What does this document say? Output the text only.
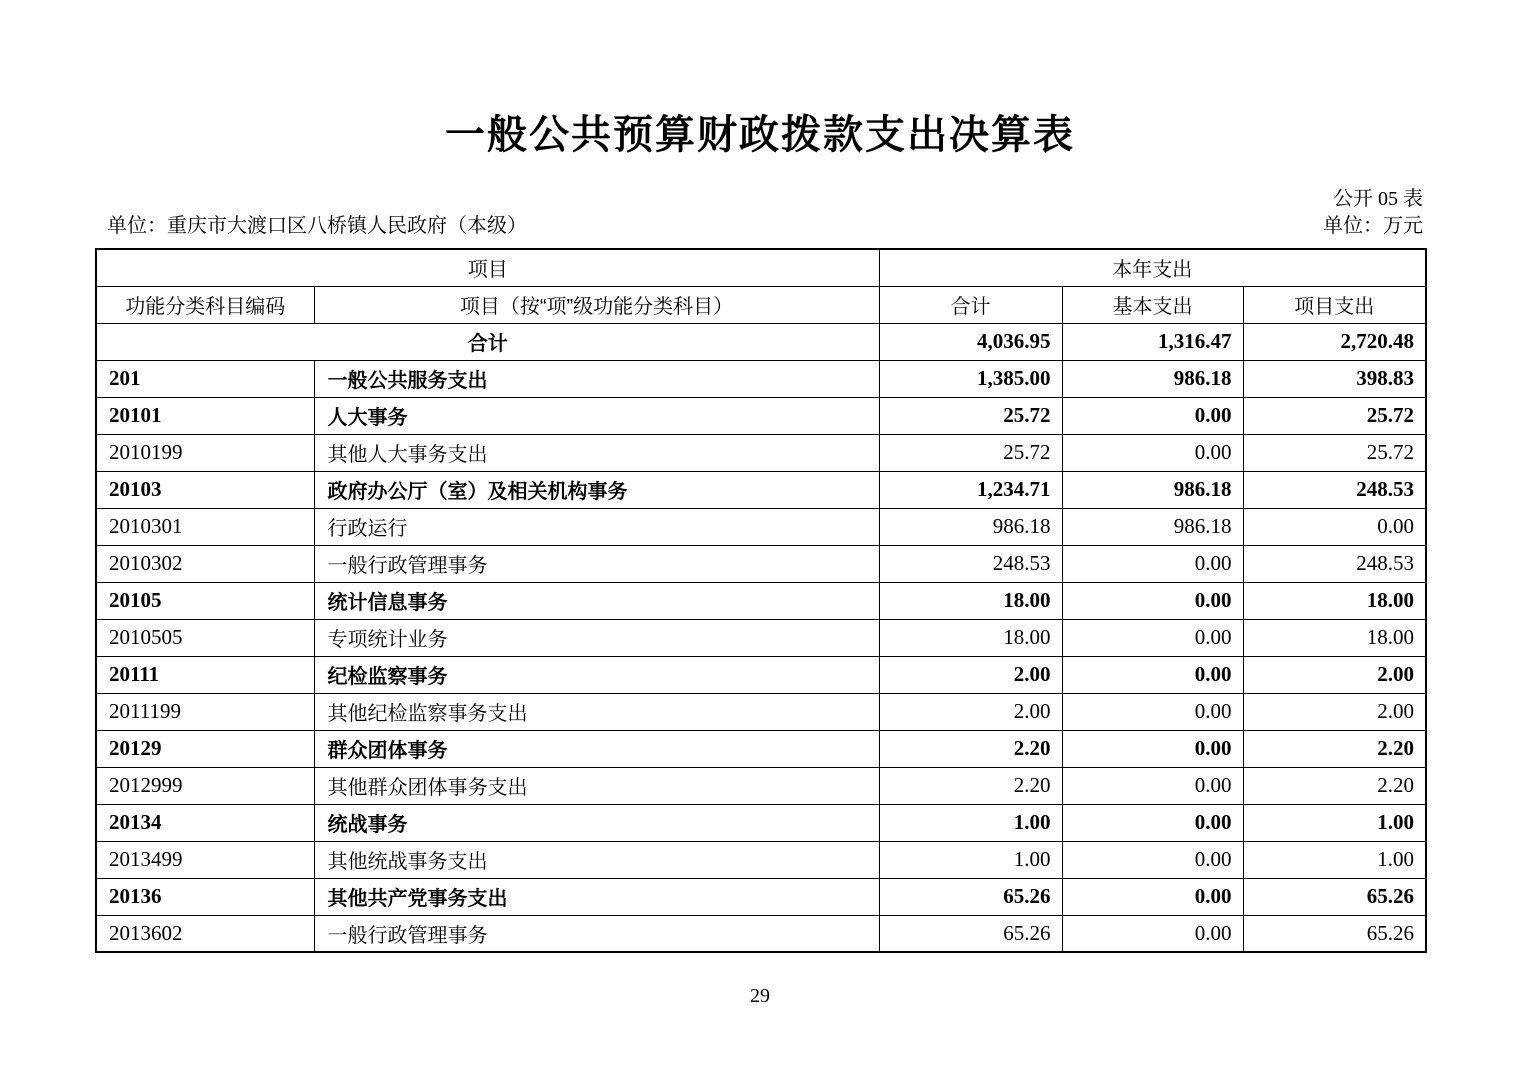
一般公共预算财政拨款支出决算表
公开 05 表
单位：重庆市大渡口区八桥镇人民政府（本级）	单位：万元
项目		本年支出		
功能分类科目编码	项目（按“项”级功能分类科目）	合计	基本支出	项目支出
合计		4,036.95	1,316.47	2,720.48
201	一般公共服务支出	1,385.00	986.18	398.83
20101	人大事务	25.72	0.00	25.72
2010199	其他人大事务支出	25.72	0.00	25.72
20103	政府办公厅（室）及相关机构事务	1,234.71	986.18	248.53
2010301	行政运行	986.18	986.18	0.00
2010302	一般行政管理事务	248.53	0.00	248.53
20105	统计信息事务	18.00	0.00	18.00
2010505	专项统计业务	18.00	0.00	18.00
20111	纪检监察事务	2.00	0.00	2.00
2011199	其他纪检监察事务支出	2.00	0.00	2.00
20129	群众团体事务	2.20	0.00	2.20
2012999	其他群众团体事务支出	2.20	0.00	2.20
20134	统战事务	1.00	0.00	1.00
2013499	其他统战事务支出	1.00	0.00	1.00
20136	其他共产党事务支出	65.26	0.00	65.26
2013602	一般行政管理事务	65.26	0.00	65.26
29
